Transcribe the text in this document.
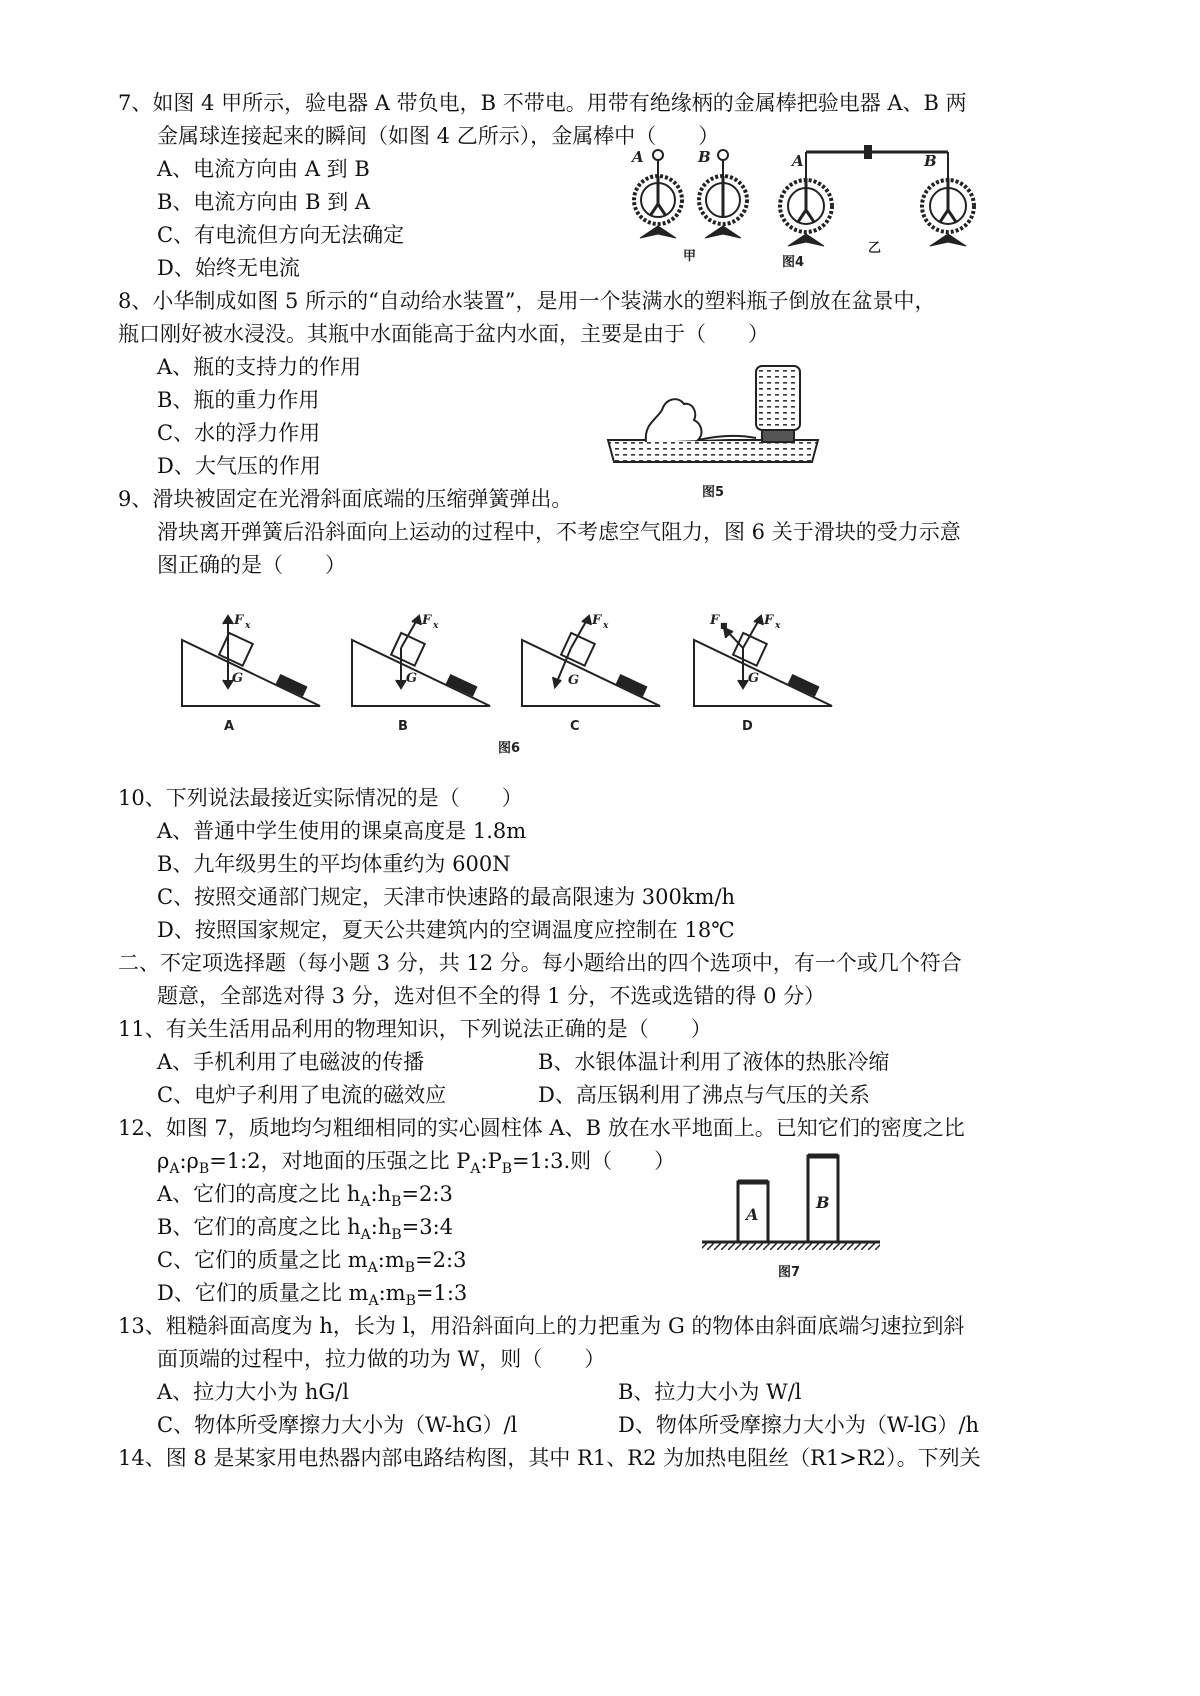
7、如图 4 甲所示，验电器 A 带负电，B 不带电。用带有绝缘柄的金属棒把验电器 A、B 两
金属球连接起来的瞬间（如图 4 乙所示），金属棒中（　　）
A、电流方向由 A 到 B
B、电流方向由 B 到 A
C、有电流但方向无法确定
D、始终无电流
A	B
甲
A	B
乙
图4
8、小华制成如图 5 所示的“自动给水装置”，是用一个装满水的塑料瓶子倒放在盆景中，
瓶口刚好被水浸没。其瓶中水面能高于盆内水面，主要是由于（　　）
A、瓶的支持力的作用
B、瓶的重力作用
C、水的浮力作用
D、大气压的作用
图5
9、滑块被固定在光滑斜面底端的压缩弹簧弹出。
滑块离开弹簧后沿斜面向上运动的过程中，不考虑空气阻力，图 6 关于滑块的受力示意
图正确的是（　　）
F x
G
F x
G
F x
G
F x
F ■
G
A	B	C	D
图6
10、下列说法最接近实际情况的是（　　）
A、普通中学生使用的课桌高度是 1.8m
B、九年级男生的平均体重约为 600N
C、按照交通部门规定，天津市快速路的最高限速为 300km/h
D、按照国家规定，夏天公共建筑内的空调温度应控制在 18℃
二、不定项选择题（每小题 3 分，共 12 分。每小题给出的四个选项中，有一个或几个符合
题意，全部选对得 3 分，选对但不全的得 1 分，不选或选错的得 0 分）
11、有关生活用品利用的物理知识，下列说法正确的是（　　）
A、手机利用了电磁波的传播	B、水银体温计利用了液体的热胀冷缩
C、电炉子利用了电流的磁效应	D、高压锅利用了沸点与气压的关系
12、如图 7，质地均匀粗细相同的实心圆柱体 A、B 放在水平地面上。已知它们的密度之比
$\rho_A:\rho_B=1:2$，对地面的压强之比 $P_A:P_B=1:3$.则（　　）
A、它们的高度之比 $h_A:h_B=2:3$
B、它们的高度之比 $h_A:h_B=3:4$
C、它们的质量之比 $m_A:m_B=2:3$
D、它们的质量之比 $m_A:m_B=1:3$
A
B
图7
13、粗糙斜面高度为 h，长为 l，用沿斜面向上的力把重为 G 的物体由斜面底端匀速拉到斜
面顶端的过程中，拉力做的功为 W，则（　　）
A、拉力大小为 hG/l	B、拉力大小为 W/l
C、物体所受摩擦力大小为（W-hG）/l	D、物体所受摩擦力大小为（W-lG）/h
14、图 8 是某家用电热器内部电路结构图，其中 R1、R2 为加热电阻丝（R1>R2）。下列关
